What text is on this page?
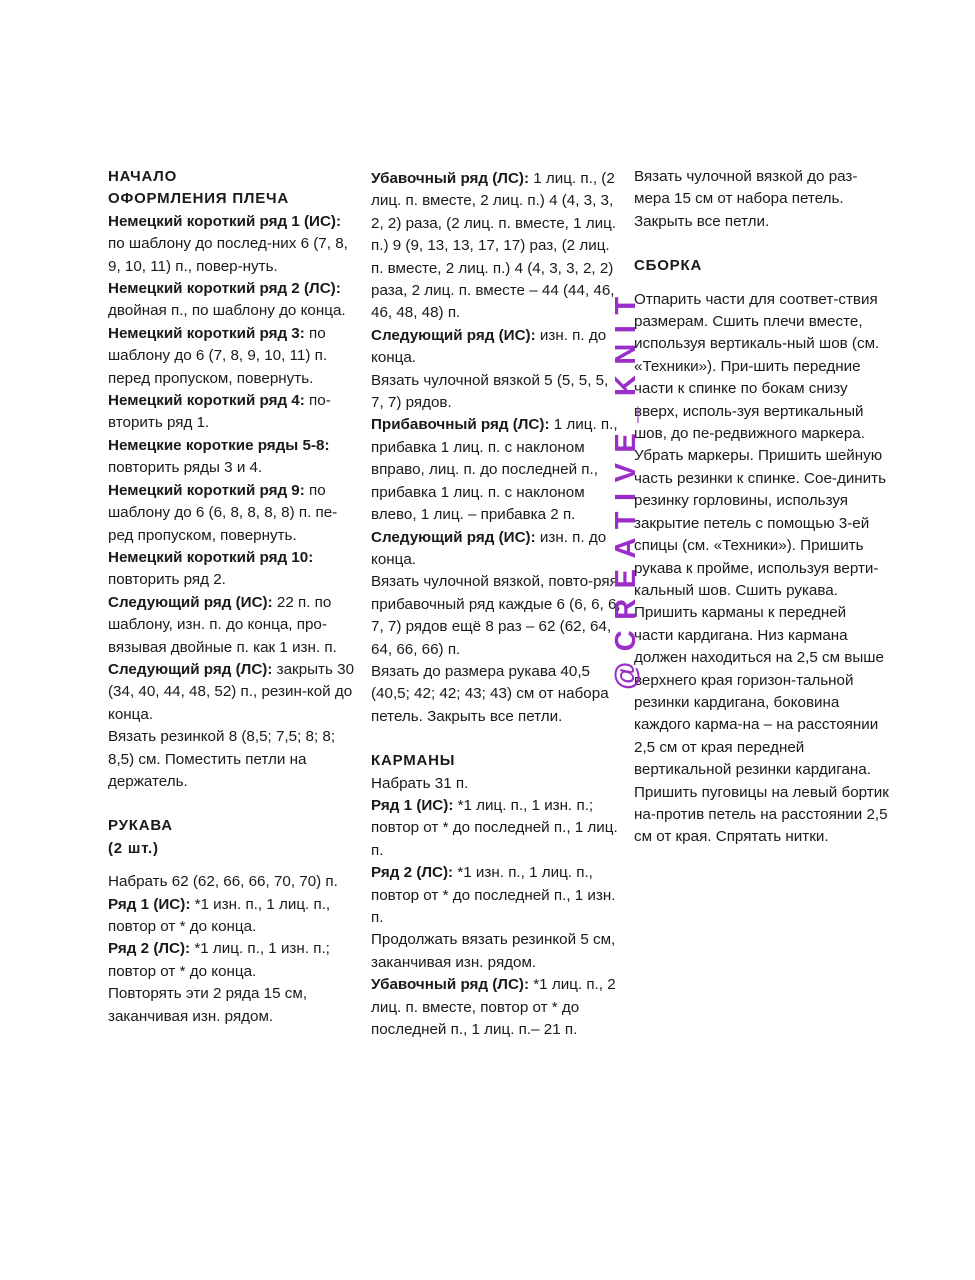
НАЧАЛО
ОФОРМЛЕНИЯ ПЛЕЧА

Немецкий короткий ряд 1 (ИС): по шаблону до послед-них 6 (7, 8, 9, 10, 11) п., повер-нуть.

Немецкий короткий ряд 2 (ЛС): двойная п., по шаблону до конца.

Немецкий короткий ряд 3: по шаблону до 6 (7, 8, 9, 10, 11) п. перед пропуском, повернуть.

Немецкий короткий ряд 4: по-вторить ряд 1.

Немецкие короткие ряды 5-8: повторить ряды 3 и 4.

Немецкий короткий ряд 9: по шаблону до 6 (6, 8, 8, 8, 8) п. пе-ред пропуском, повернуть.

Немецкий короткий ряд 10: повторить ряд 2.

Следующий ряд (ИС): 22 п. по шаблону, изн. п. до конца, про-вязывая двойные п. как 1 изн. п.

Следующий ряд (ЛС): закрыть 30 (34, 40, 44, 48, 52) п., резин-кой до конца.

Вязать резинкой 8 (8,5; 7,5; 8; 8; 8,5) см. Поместить петли на держатель.

РУКАВА
(2 шт.)

Набрать 62 (62, 66, 66, 70, 70) п.

Ряд 1 (ИС): *1 изн. п., 1 лиц. п., повтор от * до конца.

Ряд 2 (ЛС): *1 лиц. п., 1 изн. п.; повтор от * до конца.

Повторять эти 2 ряда 15 см, заканчивая изн. рядом.

Убавочный ряд (ЛС): 1 лиц. п., (2 лиц. п. вместе, 2 лиц. п.) 4 (4, 3, 3, 2, 2) раза, (2 лиц. п. вместе, 1 лиц. п.) 9 (9, 13, 13, 17, 17) раз, (2 лиц. п. вместе, 2 лиц. п.) 4 (4, 3, 3, 2, 2) раза, 2 лиц. п. вместе – 44 (44, 46, 46, 48, 48) п.

Следующий ряд (ИС): изн. п. до конца.

Вязать чулочной вязкой 5 (5, 5, 5, 7, 7) рядов.

Прибавочный ряд (ЛС): 1 лиц. п., прибавка 1 лиц. п. с наклоном вправо, лиц. п. до последней п., прибавка 1 лиц. п. с наклоном влево, 1 лиц. – прибавка 2 п.

Следующий ряд (ИС): изн. п. до конца.

Вязать чулочной вязкой, повто-ряя прибавочный ряд каждые 6 (6, 6, 6, 7, 7) рядов ещё 8 раз – 62 (62, 64, 64, 66, 66) п.

Вязать до размера рукава 40,5 (40,5; 42; 42; 43; 43) см от набора петель. Закрыть все петли.

КАРМАНЫ

Набрать 31 п.

Ряд 1 (ИС): *1 лиц. п., 1 изн. п.; повтор от * до последней п., 1 лиц. п.

Ряд 2 (ЛС): *1 изн. п., 1 лиц. п., повтор от * до последней п., 1 изн. п.

Продолжать вязать резинкой 5 см, заканчивая изн. рядом.

Убавочный ряд (ЛС): *1 лиц. п., 2 лиц. п. вместе, повтор от * до последней п., 1 лиц. п.– 21 п.

Вязать чулочной вязкой до раз-мера 15 см от набора петель. Закрыть все петли.

СБОРКА

Отпарить части для соответ-ствия размерам. Сшить плечи вместе, используя вертикаль-ный шов (см. «Техники»). При-шить передние части к спинке по бокам снизу вверх, исполь-зуя вертикальный шов, до пе-редвижного маркера. Убрать маркеры. Пришить шейную часть резинки к спинке. Сое-динить резинку горловины, используя закрытие петель с помощью 3-ей спицы (см. «Техники»). Пришить рукава к пройме, используя верти-кальный шов. Сшить рукава. Пришить карманы к передней части кардигана. Низ кармана должен находиться на 2,5 см выше верхнего края горизон-тальной резинки кардигана, боковина каждого карма-на – на расстоянии 2,5 см от края передней вертикальной резинки кардигана. Пришить пуговицы на левый бортик на-против петель на расстоянии 2,5 см от края. Спрятать нитки.

@CREATIVE_KNIT
